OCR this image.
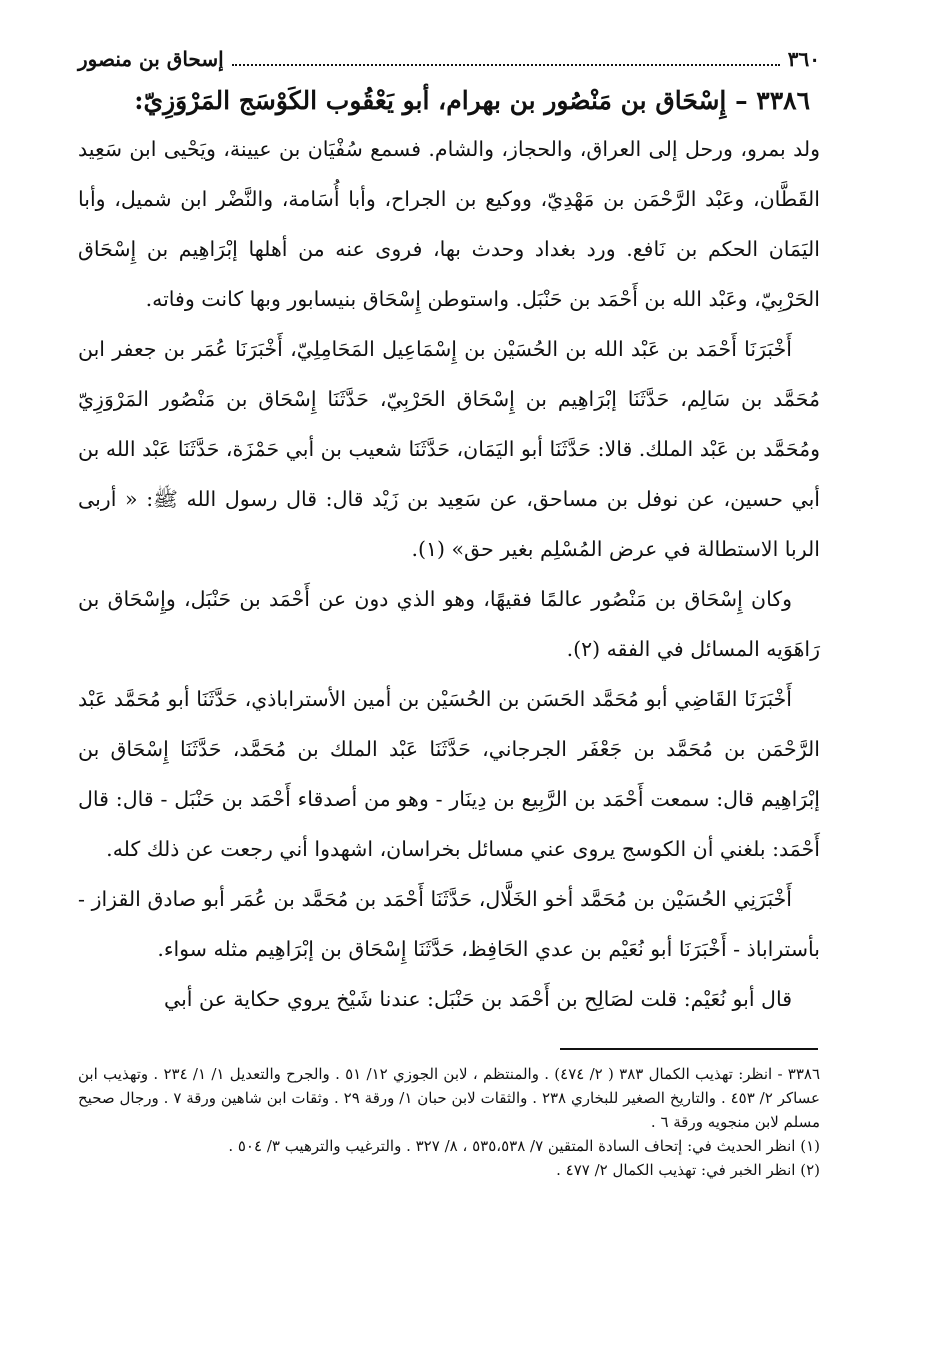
٣٦٠
إسحاق بن منصور
٣٣٨٦ – إِسْحَاق بن مَنْصُور بن بهرام، أبو يَعْقُوب الكَوْسَج المَرْوَزِيّ:

ولد بمرو، ورحل إلى العراق، والحجاز، والشام. فسمع سُفْيَان بن عيينة، ويَحْيى ابن سَعِيد القَطَّان، وعَبْد الرَّحْمَن بن مَهْدِيّ، ووكيع بن الجراح، وأبا أُسَامة، والنَّضْر ابن شميل، وأبا اليَمَان الحكم بن نَافع. ورد بغداد وحدث بها، فروى عنه من أهلها إبْرَاهِيم بن إِسْحَاق الحَرْبِيّ، وعَبْد الله بن أَحْمَد بن حَنْبَل. واستوطن إِسْحَاق بنيسابور وبها كانت وفاته.

أَخْبَرَنَا أَحْمَد بن عَبْد الله بن الحُسَيْن بن إِسْمَاعِيل المَحَامِلِيّ، أَخْبَرَنَا عُمَر بن جعفر ابن مُحَمَّد بن سَالِم، حَدَّثَنَا إبْرَاهِيم بن إِسْحَاق الحَرْبِيّ، حَدَّثَنَا إِسْحَاق بن مَنْصُور المَرْوَزِيّ ومُحَمَّد بن عَبْد الملك. قالا: حَدَّثَنَا أبو اليَمَان، حَدَّثَنَا شعيب بن أبي حَمْزَة، حَدَّثَنَا عَبْد الله بن أبي حسين، عن نوفل بن مساحق، عن سَعِيد بن زَيْد قال: قال رسول الله ﷺ: « أربى الربا الاستطالة في عرض المُسْلِم بغير حق» (١).

وكان إِسْحَاق بن مَنْصُور عالمًا فقيهًا، وهو الذي دون عن أَحْمَد بن حَنْبَل، وإِسْحَاق بن رَاهَوَيه المسائل في الفقه (٢).

أَخْبَرَنَا القَاضِي أبو مُحَمَّد الحَسَن بن الحُسَيْن بن أمين الأستراباذي، حَدَّثَنَا أبو مُحَمَّد عَبْد الرَّحْمَن بن مُحَمَّد بن جَعْفَر الجرجاني، حَدَّثَنَا عَبْد الملك بن مُحَمَّد، حَدَّثَنَا إِسْحَاق بن إبْرَاهِيم قال: سمعت أَحْمَد بن الرَّبِيع بن دِينَار - وهو من أصدقاء أَحْمَد بن حَنْبَل - قال: قال أَحْمَد: بلغني أن الكوسج يروى عني مسائل بخراسان، اشهدوا أني رجعت عن ذلك كله.

أَخْبَرَنِي الحُسَيْن بن مُحَمَّد أخو الخَلَّال، حَدَّثَنَا أَحْمَد بن مُحَمَّد بن عُمَر أبو صادق القزاز - بأستراباذ - أَخْبَرَنَا أبو نُعَيْم بن عدي الحَافِظ، حَدَّثَنَا إِسْحَاق بن إبْرَاهِيم مثله سواء.

قال أبو نُعَيْم: قلت لصَالِح بن أَحْمَد بن حَنْبَل: عندنا شَيْخ يروي حكاية عن أبي

٣٣٨٦ - انظر: تهذيب الكمال ٣٨٣ ( ٢/ ٤٧٤) . والمنتظم ، لابن الجوزي ١٢/ ٥١ . والجرح والتعديل ١/ ١/ ٢٣٤ . وتهذيب ابن عساكر ٢/ ٤٥٣ . والتاريخ الصغير للبخاري ٢٣٨ . والثقات لابن حبان ١/ ورقة ٢٩ . وثقات ابن شاهين ورقة ٧ . ورجال صحيح مسلم لابن منجويه ورقة ٦ .

(١) انظر الحديث في: إتحاف السادة المتقين ٧/ ٥٣٥،٥٣٨ ، ٨/ ٣٢٧ . والترغيب والترهيب ٣/ ٥٠٤ .

(٢) انظر الخبر في: تهذيب الكمال ٢/ ٤٧٧ .
